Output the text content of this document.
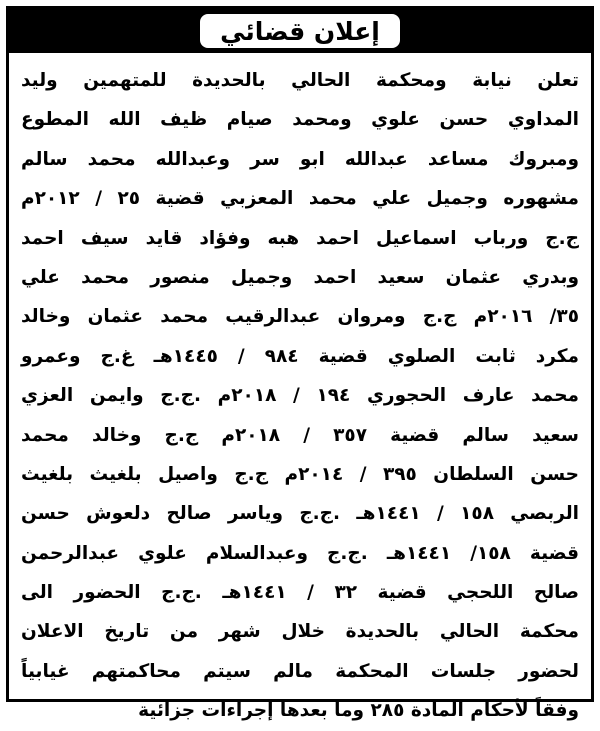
إعلان قضائي
تعلن نيابة ومحكمة الحالي بالحديدة للمتهمين وليد
المداوي حسن علوي ومحمد صيام ظيف الله المطوع
ومبروك مساعد عبدالله ابو سر وعبدالله محمد سالم
مشهوره وجميل علي محمد المعزبي قضية ٢٥ / ٢٠١٢م
ج.ج ورباب اسماعيل احمد هبه وفؤاد قايد سيف احمد
وبدري عثمان سعيد احمد وجميل منصور محمد علي
٣٥/ ٢٠١٦م ج.ج ومروان عبدالرقيب محمد عثمان وخالد
مكرد ثابت الصلوي قضية ٩٨٤ / ١٤٤٥هـ غ.ج وعمرو
محمد عارف الحجوري ١٩٤ / ٢٠١٨م .ج.ج وايمن العزي
سعيد سالم قضية ٣٥٧ / ٢٠١٨م ج.ج وخالد محمد
حسن السلطان ٣٩٥ / ٢٠١٤م ج.ج واصيل بلغيث بلغيث
الربصي ١٥٨ / ١٤٤١هـ .ج.ج وياسر صالح دلعوش حسن
قضية ١٥٨/ ١٤٤١هـ .ج.ج وعبدالسلام علوي عبدالرحمن
صالح اللحجي قضية ٣٢ / ١٤٤١هـ .ج.ج الحضور الى
محكمة الحالي بالحديدة خلال شهر من تاريخ الاعلان
لحضور جلسات المحكمة مالم سيتم محاكمتهم غيابياً
وفقاً لأحكام المادة ٢٨٥ وما بعدها إجراءات جزائية
